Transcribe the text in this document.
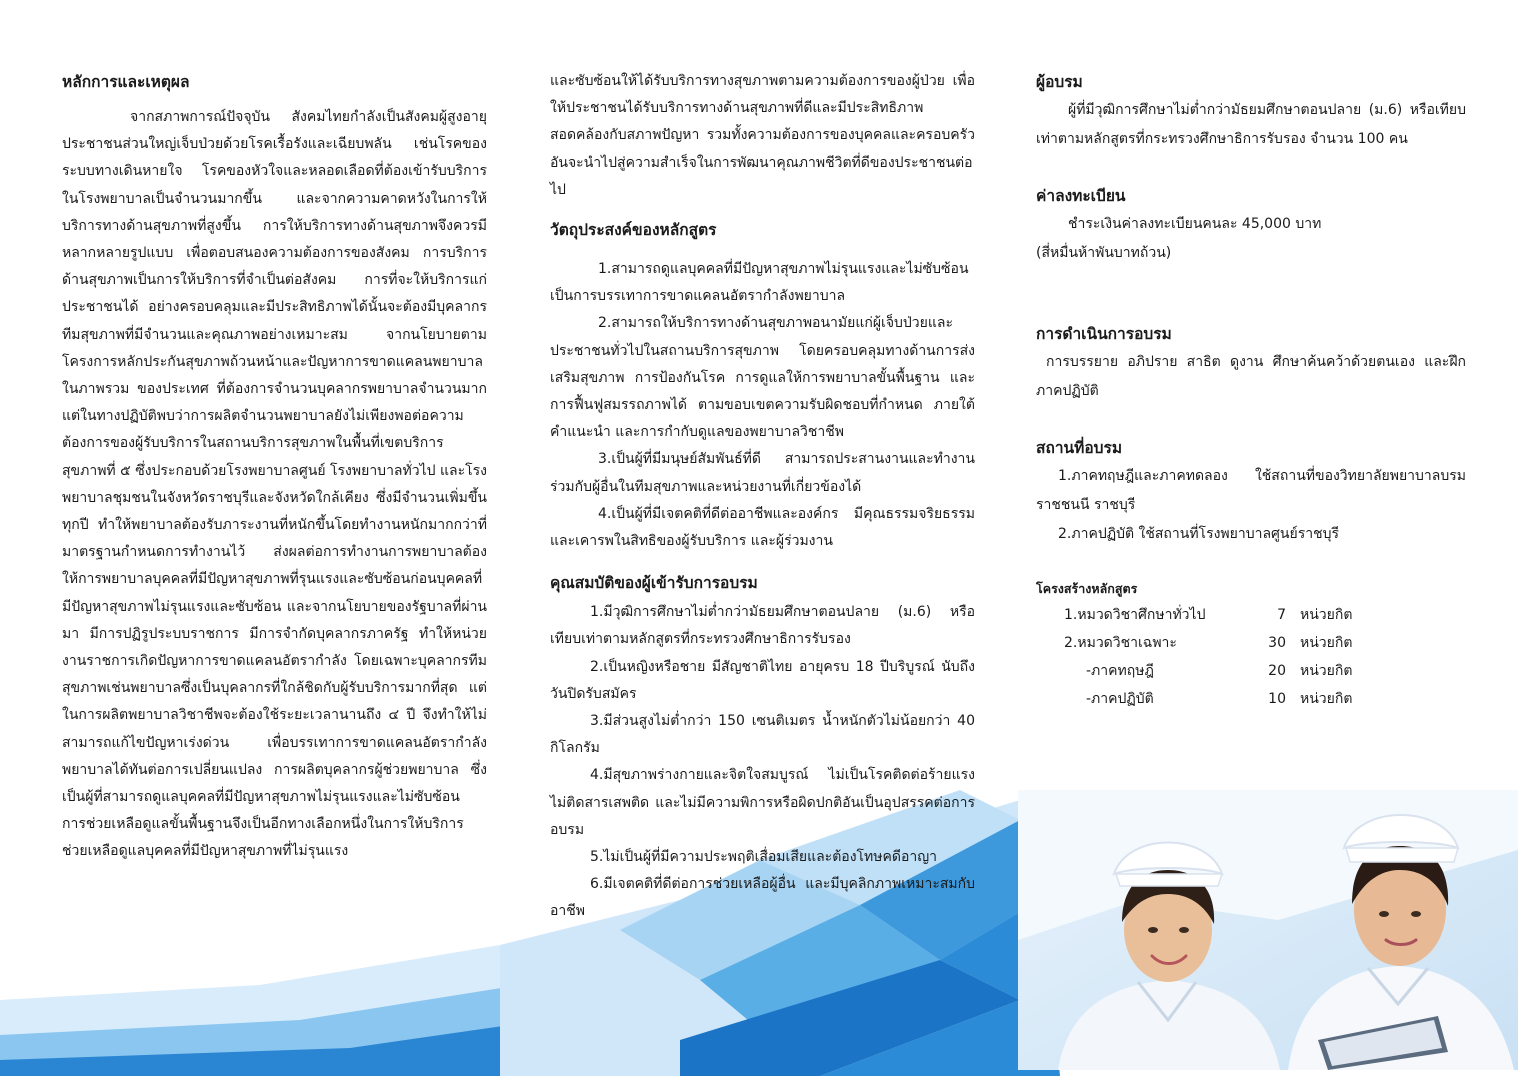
หลักการและเหตุผล

จากสภาพการณ์ปัจจุบัน สังคมไทยกำลังเป็นสังคมผู้สูงอายุประชาชนส่วนใหญ่เจ็บป่วยด้วยโรคเรื้อรังและเฉียบพลัน เช่นโรคของระบบทางเดินหายใจ โรคของหัวใจและหลอดเลือดที่ต้องเข้ารับบริการ ในโรงพยาบาลเป็นจำนวนมากขึ้น และจากความคาดหวังในการให้บริการทางด้านสุขภาพที่สูงขึ้น การให้บริการทางด้านสุขภาพจึงควรมีหลากหลายรูปแบบ เพื่อตอบสนองความต้องการของสังคม การบริการด้านสุขภาพเป็นการให้บริการที่จำเป็นต่อสังคม การที่จะให้บริการแก่ประชาชนได้ อย่างครอบคลุมและมีประสิทธิภาพได้นั้นจะต้องมีบุคลากรทีมสุขภาพที่มีจำนวนและคุณภาพอย่างเหมาะสม จากนโยบายตามโครงการหลักประกันสุขภาพถ้วนหน้าและปัญหาการขาดแคลนพยาบาลในภาพรวม ของประเทศ ที่ต้องการจำนวนบุคลากรพยาบาลจำนวนมาก แต่ในทางปฏิบัติพบว่าการผลิตจำนวนพยาบาลยังไม่เพียงพอต่อความต้องการของผู้รับบริการในสถานบริการสุขภาพในพื้นที่เขตบริการสุขภาพที่ ๕ ซึ่งประกอบด้วยโรงพยาบาลศูนย์ โรงพยาบาลทั่วไป และโรงพยาบาลชุมชนในจังหวัดราชบุรีและจังหวัดใกล้เคียง ซึ่งมีจำนวนเพิ่มขึ้นทุกปี ทำให้พยาบาลต้องรับภาระงานที่หนักขึ้นโดยทำงานหนักมากกว่าที่มาตรฐานกำหนดการทำงานไว้ ส่งผลต่อการทำงานการพยาบาลต้องให้การพยาบาลบุคคลที่มีปัญหาสุขภาพที่รุนแรงและซับซ้อนก่อนบุคคลที่มีปัญหาสุขภาพไม่รุนแรงและซับซ้อน และจากนโยบายของรัฐบาลที่ผ่านมา มีการปฏิรูประบบราชการ มีการจำกัดบุคลากรภาครัฐ ทำให้หน่วยงานราชการเกิดปัญหาการขาดแคลนอัตรากำลัง โดยเฉพาะบุคลากรทีมสุขภาพเช่นพยาบาลซึ่งเป็นบุคลากรที่ใกล้ชิดกับผู้รับบริการมากที่สุด แต่ในการผลิตพยาบาลวิชาชีพจะต้องใช้ระยะเวลานานถึง ๔ ปี จึงทำให้ไม่สามารถแก้ไขปัญหาเร่งด่วน เพื่อบรรเทาการขาดแคลนอัตรากำลังพยาบาลได้ทันต่อการเปลี่ยนแปลง การผลิตบุคลากรผู้ช่วยพยาบาล ซึ่งเป็นผู้ที่สามารถดูแลบุคคลที่มีปัญหาสุขภาพไม่รุนแรงและไม่ซับซ้อน การช่วยเหลือดูแลขั้นพื้นฐานจึงเป็นอีกทางเลือกหนึ่งในการให้บริการช่วยเหลือดูแลบุคคลที่มีปัญหาสุขภาพที่ไม่รุนแรง

และซับซ้อนให้ได้รับบริการทางสุขภาพตามความต้องการของผู้ป่วย เพื่อให้ประชาชนได้รับบริการทางด้านสุขภาพที่ดีและมีประสิทธิภาพ สอดคล้องกับสภาพปัญหา รวมทั้งความต้องการของบุคคลและครอบครัว อันจะนำไปสู่ความสำเร็จในการพัฒนาคุณภาพชีวิตที่ดีของประชาชนต่อไป

วัตถุประสงค์ของหลักสูตร

1.สามารถดูแลบุคคลที่มีปัญหาสุขภาพไม่รุนแรงและไม่ซับซ้อน เป็นการบรรเทาการขาดแคลนอัตรากำลังพยาบาล

2.สามารถให้บริการทางด้านสุขภาพอนามัยแก่ผู้เจ็บป่วยและประชาชนทั่วไปในสถานบริการสุขภาพ โดยครอบคลุมทางด้านการส่งเสริมสุขภาพ การป้องกันโรค การดูแลให้การพยาบาลขั้นพื้นฐาน และการฟื้นฟูสมรรถภาพได้ ตามขอบเขตความรับผิดชอบที่กำหนด ภายใต้คำแนะนำ และการกำกับดูแลของพยาบาลวิชาชีพ

3.เป็นผู้ที่มีมนุษย์สัมพันธ์ที่ดี สามารถประสานงานและทำงานร่วมกับผู้อื่นในทีมสุขภาพและหน่วยงานที่เกี่ยวข้องได้

4.เป็นผู้ที่มีเจตคติที่ดีต่ออาชีพและองค์กร มีคุณธรรมจริยธรรม และเคารพในสิทธิของผู้รับบริการ และผู้ร่วมงาน

คุณสมบัติของผู้เข้ารับการอบรม

1.มีวุฒิการศึกษาไม่ต่ำกว่ามัธยมศึกษาตอนปลาย (ม.6) หรือเทียบเท่าตามหลักสูตรที่กระทรวงศึกษาธิการรับรอง

2.เป็นหญิงหรือชาย มีสัญชาติไทย อายุครบ 18 ปีบริบูรณ์ นับถึงวันปิดรับสมัคร

3.มีส่วนสูงไม่ต่ำกว่า 150 เซนติเมตร น้ำหนักตัวไม่น้อยกว่า 40 กิโลกรัม

4.มีสุขภาพร่างกายและจิตใจสมบูรณ์ ไม่เป็นโรคติดต่อร้ายแรง ไม่ติดสารเสพติด และไม่มีความพิการหรือผิดปกติอันเป็นอุปสรรคต่อการอบรม

5.ไม่เป็นผู้ที่มีความประพฤติเสื่อมเสียและต้องโทษคดีอาญา

6.มีเจตคติที่ดีต่อการช่วยเหลือผู้อื่น และมีบุคลิกภาพเหมาะสมกับอาชีพ

ผู้อบรม

ผู้ที่มีวุฒิการศึกษาไม่ต่ำกว่ามัธยมศึกษาตอนปลาย (ม.6) หรือเทียบเท่าตามหลักสูตรที่กระทรวงศึกษาธิการรับรอง จำนวน 100 คน

ค่าลงทะเบียน

ชำระเงินค่าลงทะเบียนคนละ 45,000 บาท

(สี่หมื่นห้าพันบาทถ้วน)

การดำเนินการอบรม

การบรรยาย อภิปราย สาธิต ดูงาน ศึกษาค้นคว้าด้วยตนเอง และฝึกภาคปฏิบัติ

สถานที่อบรม

1.ภาคทฤษฎีและภาคทดลอง ใช้สถานที่ของวิทยาลัยพยาบาลบรมราชชนนี ราชบุรี

2.ภาคปฏิบัติ ใช้สถานที่โรงพยาบาลศูนย์ราชบุรี

โครงสร้างหลักสูตร
1.หมวดวิชาศึกษาทั่วไป	7	หน่วยกิต
2.หมวดวิชาเฉพาะ	30	หน่วยกิต
-ภาคทฤษฎี	20	หน่วยกิต
-ภาคปฏิบัติ	10	หน่วยกิต
